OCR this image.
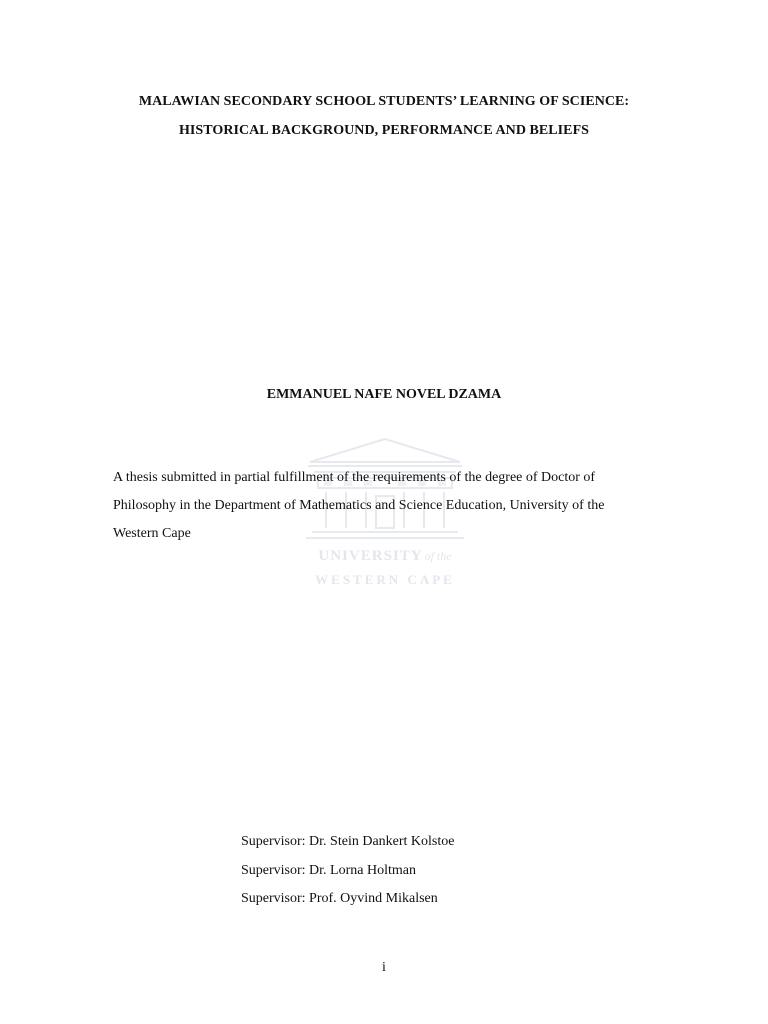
MALAWIAN SECONDARY SCHOOL STUDENTS’ LEARNING OF SCIENCE:
HISTORICAL BACKGROUND, PERFORMANCE AND BELIEFS
EMMANUEL NAFE NOVEL DZAMA
UNIVERSITY of the
WESTERN CAPE
A thesis submitted in partial fulfillment of the requirements of the degree of Doctor of
Philosophy in the Department of Mathematics and Science Education, University of the
Western Cape
Supervisor: Dr. Stein Dankert Kolstoe
Supervisor: Dr. Lorna Holtman
Supervisor: Prof. Oyvind Mikalsen
i
